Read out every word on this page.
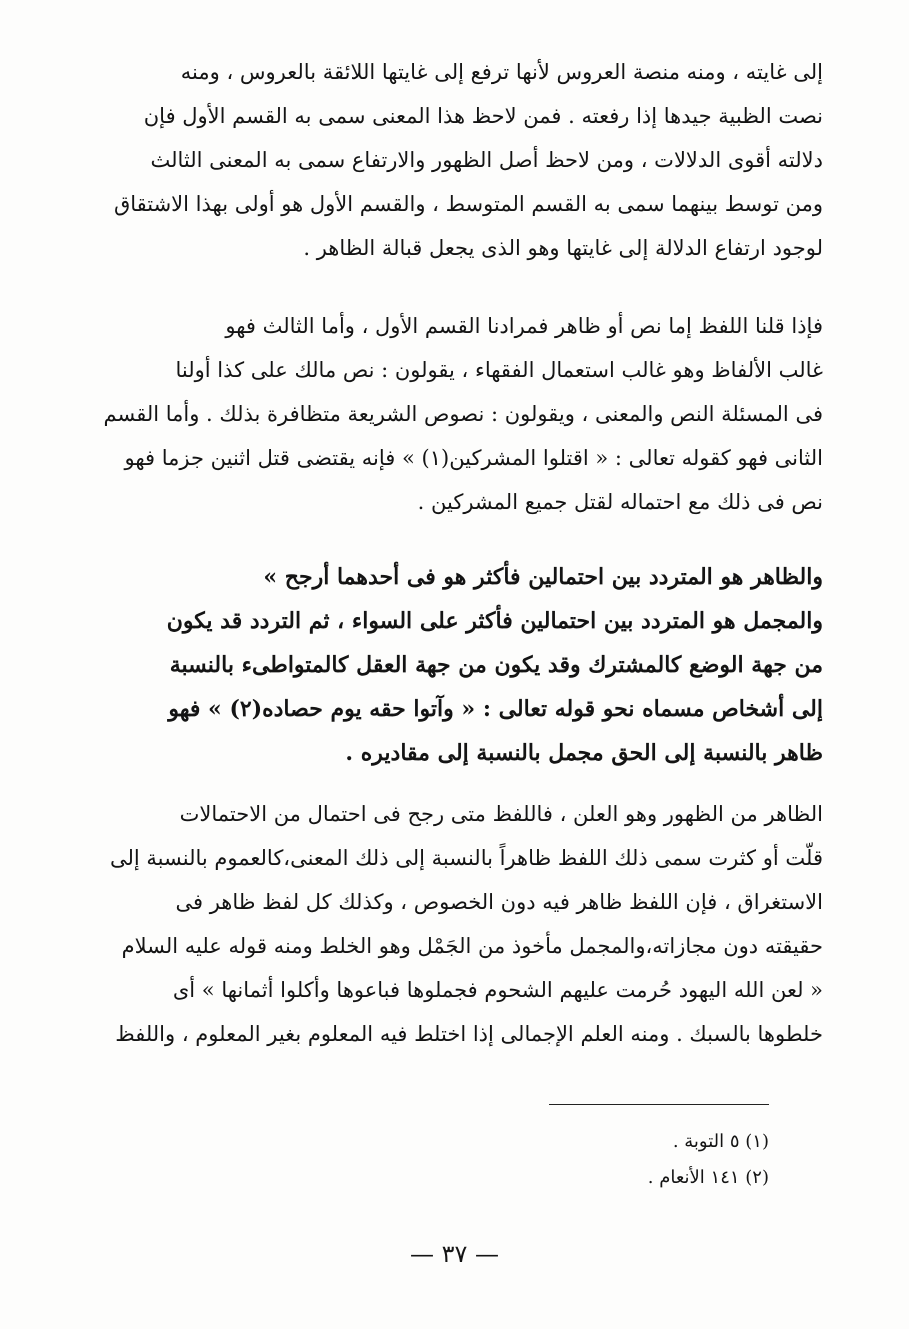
إلى غايته ، ومنه منصة العروس لأنها ترفع إلى غايتها اللائقة بالعروس ، ومنه
نصت الظبية جيدها إذا رفعته . فمن لاحظ هذا المعنى سمى به القسم الأول فإن
دلالته أقوى الدلالات ، ومن لاحظ أصل الظهور والارتفاع سمى به المعنى الثالث
ومن توسط بينهما سمى به القسم المتوسط ، والقسم الأول هو أولى بهذا الاشتقاق
لوجود ارتفاع الدلالة إلى غايتها وهو الذى يجعل قبالة الظاهر .
فإذا قلنا اللفظ إما نص أو ظاهر فمرادنا القسم الأول ، وأما الثالث فهو
غالب الألفاظ وهو غالب استعمال الفقهاء ، يقولون : نص مالك على كذا أولنا
فى المسئلة النص والمعنى ، ويقولون : نصوص الشريعة متظافرة بذلك . وأما القسم
الثانى فهو كقوله تعالى : « اقتلوا المشركين(١) » فإنه يقتضى قتل اثنين جزما فهو
نص فى ذلك مع احتماله لقتل جميع المشركين .
والظاهر هو المتردد بين احتمالين فأكثر هو فى أحدهما أرجح »
والمجمل هو المتردد بين احتمالين فأكثر على السواء ، ثم التردد قد يكون
من جهة الوضع كالمشترك وقد يكون من جهة العقل كالمتواطىء بالنسبة
إلى أشخاص مسماه نحو قوله تعالى : « وآتوا حقه يوم حصاده(٢) » فهو
ظاهر بالنسبة إلى الحق مجمل بالنسبة إلى مقاديره .
الظاهر من الظهور وهو العلن ، فاللفظ متى رجح فى احتمال من الاحتمالات
قلّت أو كثرت سمى ذلك اللفظ ظاهراً بالنسبة إلى ذلك المعنى،كالعموم بالنسبة إلى
الاستغراق ، فإن اللفظ ظاهر فيه دون الخصوص ، وكذلك كل لفظ ظاهر فى
حقيقته دون مجازاته،والمجمل مأخوذ من الجَمْل وهو الخلط ومنه قوله عليه السلام
« لعن الله اليهود حُرمت عليهم الشحوم فجملوها فباعوها وأكلوا أثمانها » أى
خلطوها بالسبك . ومنه العلم الإجمالى إذا اختلط فيه المعلوم بغير المعلوم ، واللفظ
(١) ٥ التوبة .
(٢) ١٤١ الأنعام .
— ٣٧ —
